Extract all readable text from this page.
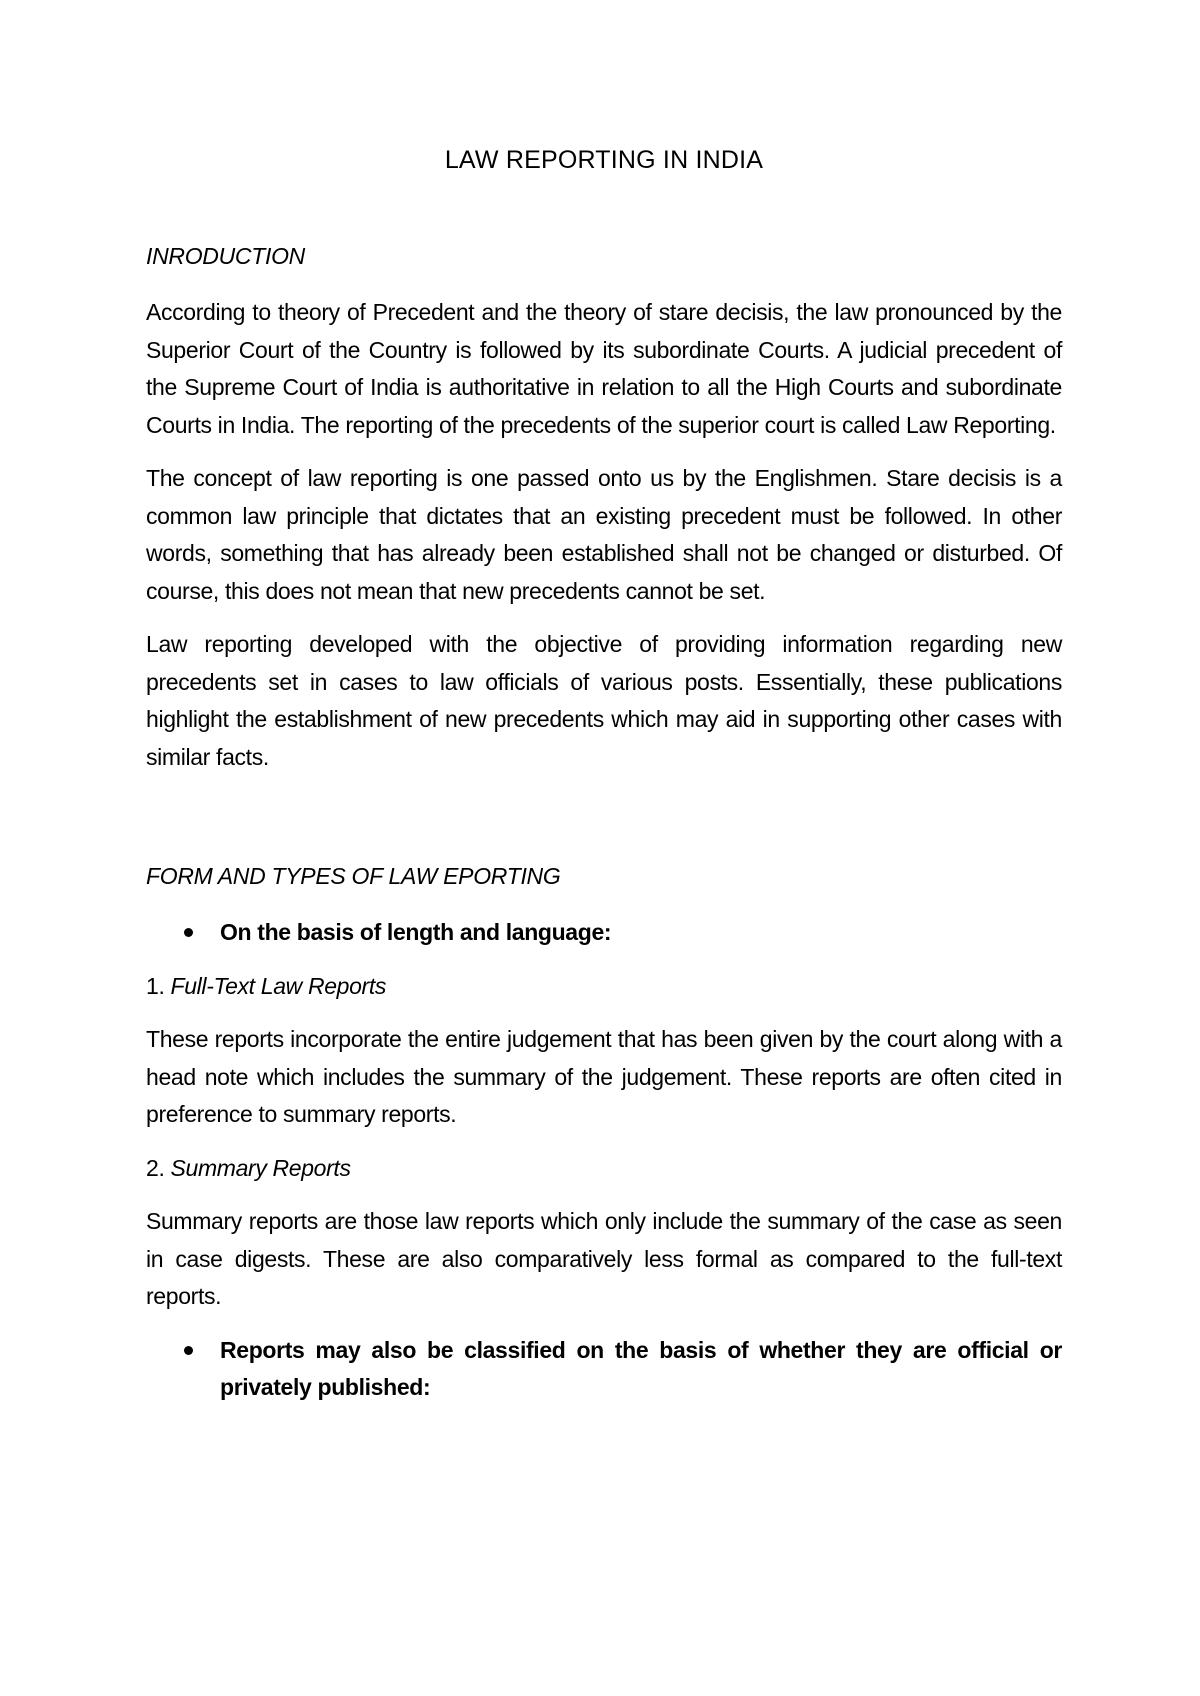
LAW REPORTING IN INDIA
INRODUCTION

According to theory of Precedent and the theory of stare decisis, the law pronounced by the Superior Court of the Country is followed by its subordinate Courts. A judicial precedent of the Supreme Court of India is authoritative in relation to all the High Courts and subordinate Courts in India. The reporting of the precedents of the superior court is called Law Reporting.

The concept of law reporting is one passed onto us by the Englishmen. Stare decisis is a common law principle that dictates that an existing precedent must be followed. In other words, something that has already been established shall not be changed or disturbed. Of course, this does not mean that new precedents cannot be set.

Law reporting developed with the objective of providing information regarding new precedents set in cases to law officials of various posts. Essentially, these publications highlight the establishment of new precedents which may aid in supporting other cases with similar facts.

FORM AND TYPES OF LAW EPORTING
On the basis of length and language:
1. Full-Text Law Reports

These reports incorporate the entire judgement that has been given by the court along with a head note which includes the summary of the judgement. These reports are often cited in preference to summary reports.

2. Summary Reports

Summary reports are those law reports which only include the summary of the case as seen in case digests. These are also comparatively less formal as compared to the full-text reports.

Reports may also be classified on the basis of whether they are official or privately published:
